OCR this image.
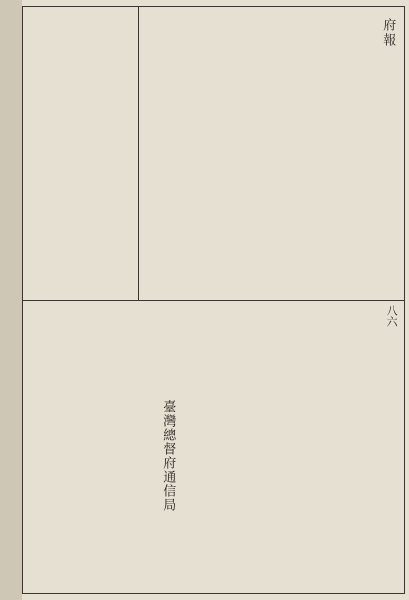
府報
八六
臺灣總督府通信局
